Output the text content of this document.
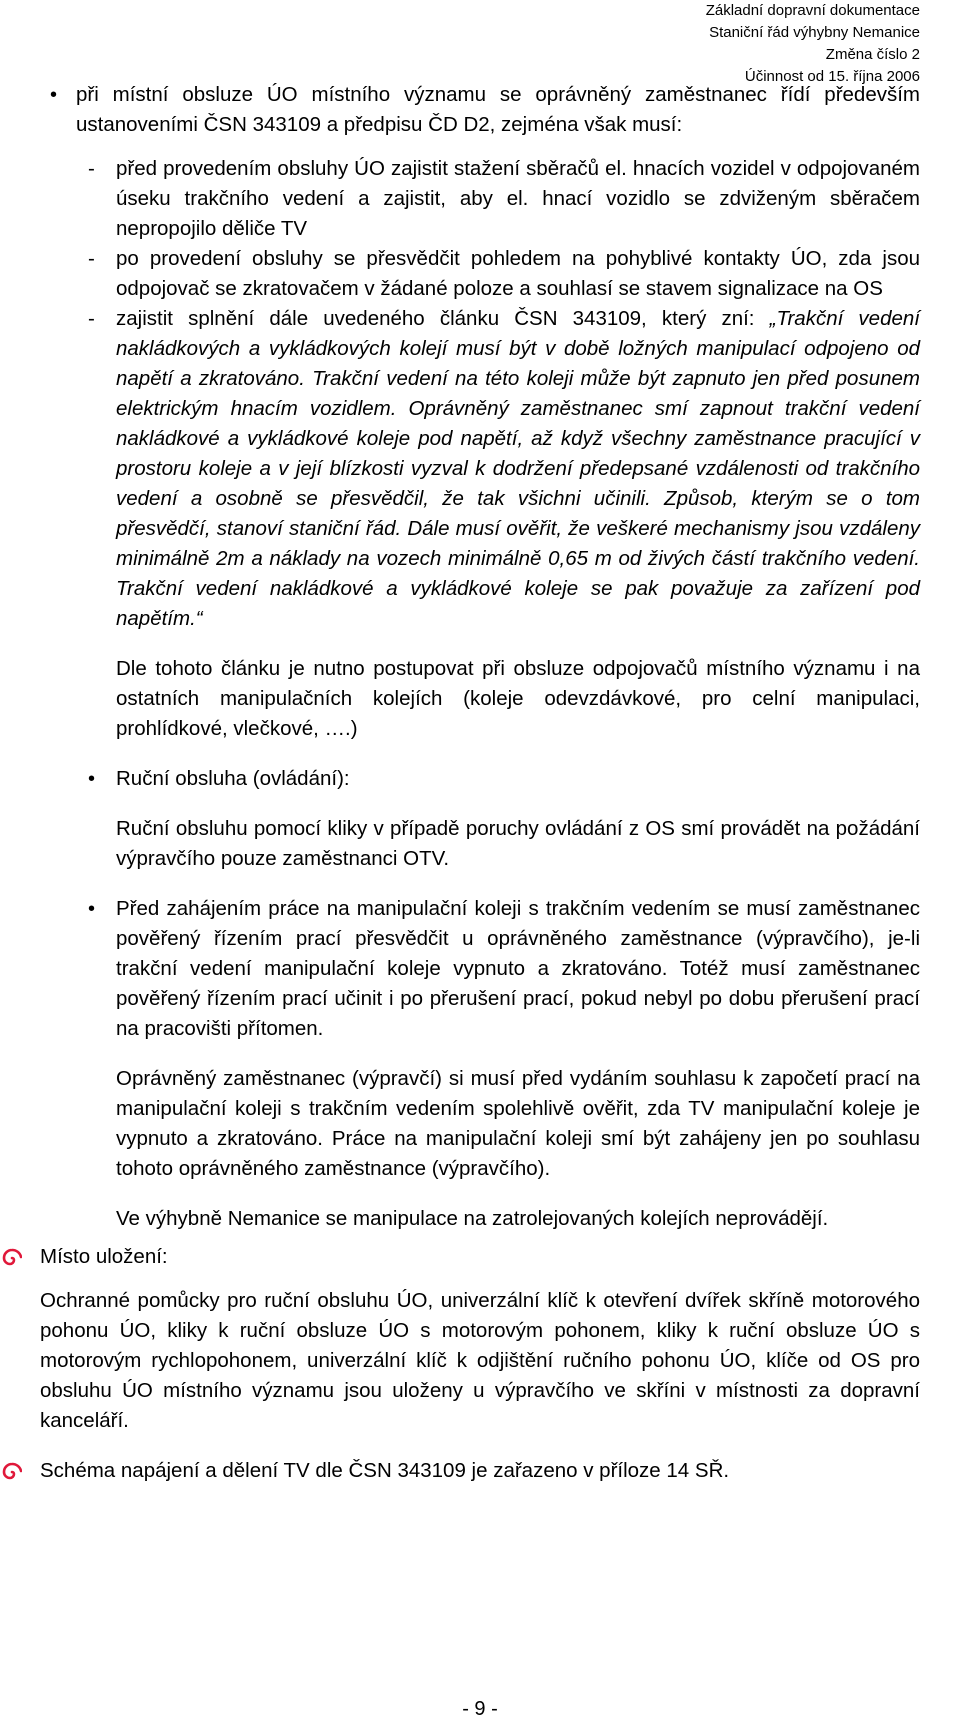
Základní dopravní dokumentace
Staniční řád výhybny Nemanice
Změna číslo 2
Účinnost od 15. října 2006
• při místní obsluze ÚO místního významu se oprávněný zaměstnanec řídí především ustanoveními ČSN 343109 a předpisu ČD D2, zejména však musí:
- před provedením obsluhy ÚO zajistit stažení sběračů el. hnacích vozidel v odpojovaném úseku trakčního vedení a zajistit, aby el. hnací vozidlo se zdviženým sběračem nepropojilo děliče TV
- po provedení obsluhy se přesvědčit pohledem na pohyblivé kontakty ÚO, zda jsou odpojovač se zkratovačem v žádané poloze a souhlasí se stavem signalizace na OS
- zajistit splnění dále uvedeného článku ČSN 343109, který zní: „Trakční vedení nakládkových a vykládkových kolejí musí být v době ložných manipulací odpojeno od napětí a zkratováno. Trakční vedení na této koleji může být zapnuto jen před posunem elektrickým hnacím vozidlem. Oprávněný zaměstnanec smí zapnout trakční vedení nakládkové a vykládkové koleje pod napětí, až když všechny zaměstnance pracující v prostoru koleje a v její blízkosti vyzval k dodržení předepsané vzdálenosti od trakčního vedení a osobně se přesvědčil, že tak všichni učinili. Způsob, kterým se o tom přesvědčí, stanoví staniční řád. Dále musí ověřit, že veškeré mechanismy jsou vzdáleny minimálně 2m a náklady na vozech minimálně 0,65 m od živých částí trakčního vedení. Trakční vedení nakládkové a vykládkové koleje se pak považuje za zařízení pod napětím.“
Dle tohoto článku je nutno postupovat při obsluze odpojovačů místního významu i na ostatních manipulačních kolejích (koleje odevzdávkové, pro celní manipulaci, prohlídkové, vlečkové, ….)
• Ruční obsluha (ovládání):
Ruční obsluhu pomocí kliky v případě poruchy ovládání z OS smí provádět na požádání výpravčího pouze zaměstnanci OTV.
• Před zahájením práce na manipulační koleji s trakčním vedením se musí zaměstnanec pověřený řízením prací přesvědčit u oprávněného zaměstnance (výpravčího), je-li trakční vedení manipulační koleje vypnuto a zkratováno. Totéž musí zaměstnanec pověřený řízením prací učinit i po přerušení prací, pokud nebyl po dobu přerušení prací na pracovišti přítomen.
Oprávněný zaměstnanec (výpravčí) si musí před vydáním souhlasu k započetí prací na manipulační koleji s trakčním vedením spolehlivě ověřit, zda TV manipulační koleje je vypnuto a zkratováno. Práce na manipulační koleji smí být zahájeny jen po souhlasu tohoto oprávněného zaměstnance (výpravčího).
Ve výhybně Nemanice se manipulace na zatrolejovaných kolejích neprovádějí.
Místo uložení:
Ochranné pomůcky pro ruční obsluhu ÚO, univerzální klíč k otevření dvířek skříně motorového pohonu ÚO, kliky k ruční obsluze ÚO s motorovým pohonem, kliky k ruční obsluze ÚO s motorovým rychlopohonem, univerzální klíč k odjištění ručního pohonu ÚO, klíče od OS pro obsluhu ÚO místního významu jsou uloženy u výpravčího ve skříni v místnosti za dopravní kanceláří.
Schéma napájení a dělení TV dle ČSN 343109 je zařazeno v příloze 14 SŘ.
- 9 -
